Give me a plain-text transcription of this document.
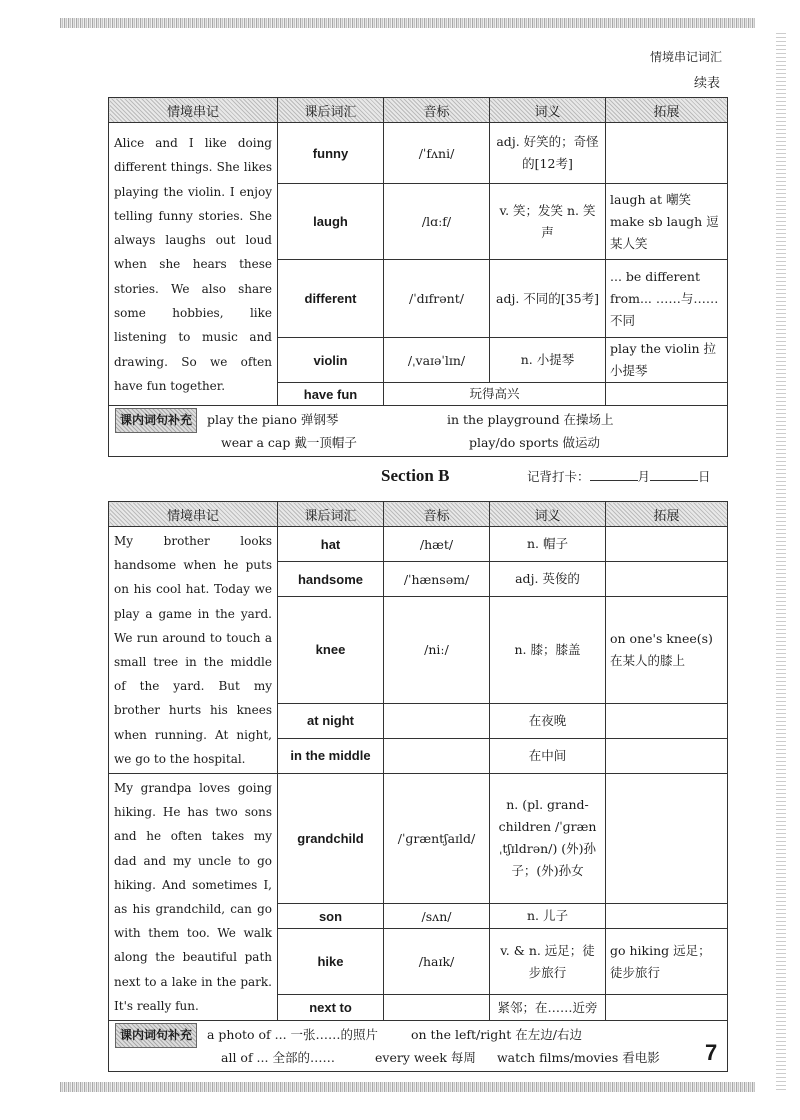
情境串记词汇
续表
情境串记	课后词汇	音标	词义	拓展
Alice and I like doing different things. She likes playing the violin. I enjoy telling funny stories. She always laughs out loud when she hears these stories. We also share some hobbies, like listening to music and drawing. So we often have fun together.	funny	/ˈfʌni/	adj. 好笑的；奇怪的[12考]	
	laugh	/lɑːf/	v. 笑；发笑 n. 笑声	laugh at 嘲笑 make sb laugh 逗某人笑
	different	/ˈdɪfrənt/	adj. 不同的[35考]	... be different from... ……与……不同
	violin	/ˌvaɪəˈlɪn/	n. 小提琴	play the violin 拉小提琴
	have fun	玩得高兴		

课内词句补充 play the piano 弹钢琴 in the playground 在操场上
wear a cap 戴一顶帽子 play/do sports 做运动				
Section B	记背打卡：	月	日
情境串记	课后词汇	音标	词义	拓展
My brother looks handsome when he puts on his cool hat. Today we play a game in the yard. We run around to touch a small tree in the middle of the yard. But my brother hurts his knees when running. At night, we go to the hospital.	hat	/hæt/	n. 帽子	
	handsome	/ˈhænsəm/	adj. 英俊的	
	knee	/niː/	n. 膝；膝盖	on one's knee(s) 在某人的膝上
	at night		在夜晚	
	in the middle		在中间	
My grandpa loves going hiking. He has two sons and he often takes my dad and my uncle to go hiking. And sometimes I, as his grandchild, can go with them too. We walk along the beautiful path next to a lake in the park. It's really fun.	grandchild	/ˈɡræntʃaɪld/	n. (pl. grand-children /ˈɡrænˌtʃɪldrən/) (外)孙子；(外)孙女	
	son	/sʌn/	n. 儿子	
	hike	/haɪk/	v. & n. 远足；徒步旅行	go hiking 远足；徒步旅行
	next to		紧邻；在……近旁	

课内词句补充 a photo of ... 一张……的照片 on the left/right 在左边/右边
all of ... 全部的…… every week 每周 watch films/movies 看电影					7
